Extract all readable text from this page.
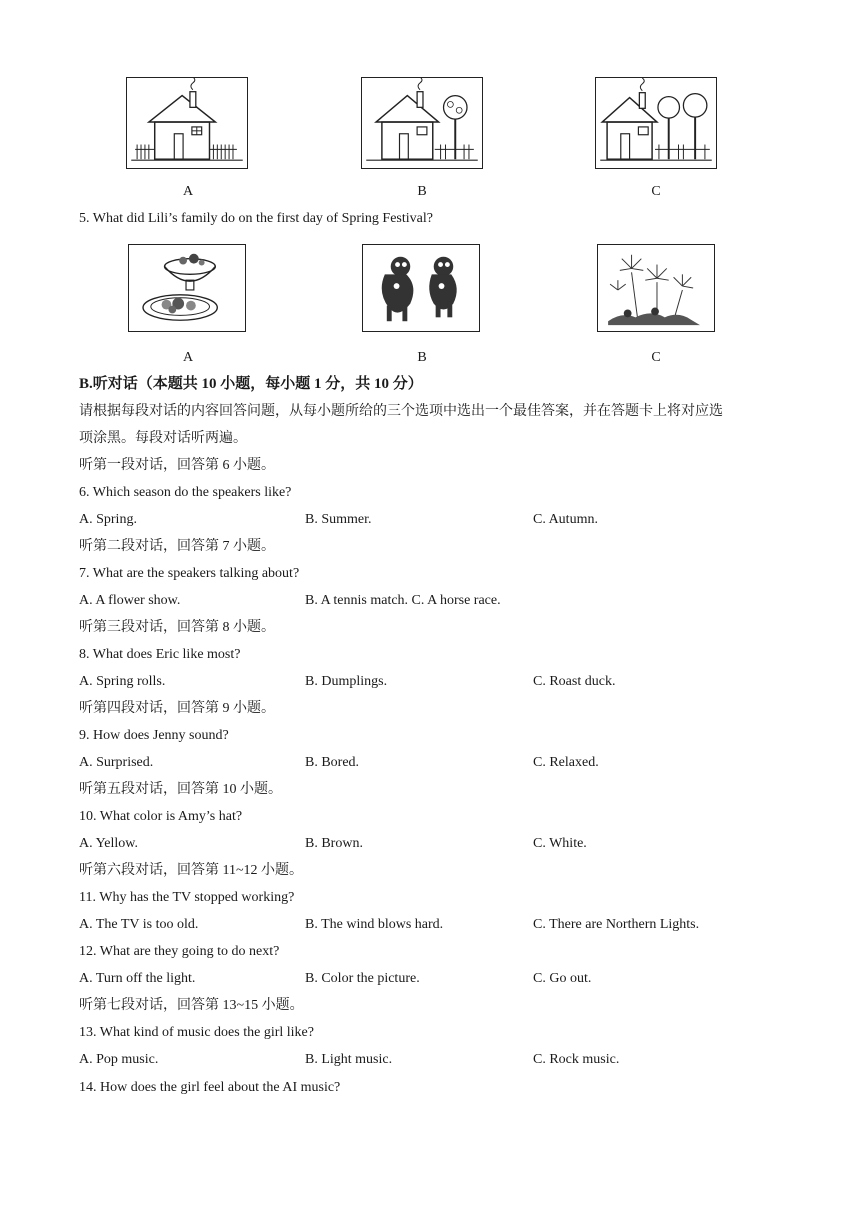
A	B	C
5. What did Lili’s family do on the first day of Spring Festival?
A	B	C
B.听对话（本题共 10 小题，每小题 1 分，共 10 分）
请根据每段对话的内容回答问题，从每小题所给的三个选项中选出一个最佳答案，并在答题卡上将对应选
项涂黑。每段对话听两遍。
听第一段对话，回答第 6 小题。
6. Which season do the speakers like?
A. Spring.	B. Summer.	C. Autumn.
听第二段对话，回答第 7 小题。
7. What are the speakers talking about?
A. A flower show.	B. A tennis match. C. A horse race.
听第三段对话，回答第 8 小题。
8. What does Eric like most?
A. Spring rolls.	B. Dumplings.	C. Roast duck.
听第四段对话，回答第 9 小题。
9. How does Jenny sound?
A. Surprised.	B. Bored.	C. Relaxed.
听第五段对话，回答第 10 小题。
10. What color is Amy’s hat?
A. Yellow.	B. Brown.	C. White.
听第六段对话，回答第 11~12 小题。
11. Why has the TV stopped working?
A. The TV is too old.	B. The wind blows hard.	C. There are Northern Lights.
12. What are they going to do next?
A. Turn off the light.	B. Color the picture.	C. Go out.
听第七段对话，回答第 13~15 小题。
13. What kind of music does the girl like?
A. Pop music.	B. Light music.	C. Rock music.
14. How does the girl feel about the AI music?
